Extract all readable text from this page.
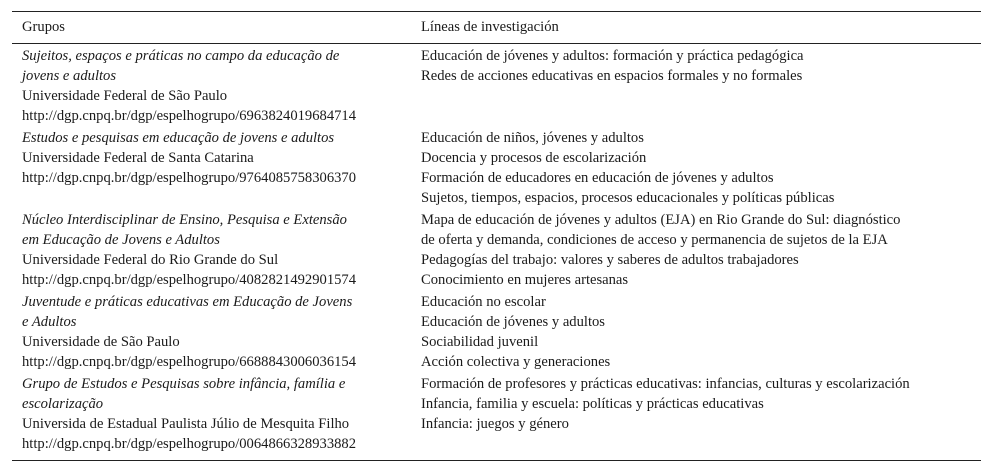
Grupos	Líneas de investigación
Sujeitos, espaços e práticas no campo da educação de
jovens e adultos
Universidade Federal de São Paulo
http://dgp.cnpq.br/dgp/espelhogrupo/6963824019684714
Educación de jóvenes y adultos: formación y práctica pedagógica
Redes de acciones educativas en espacios formales y no formales
Estudos e pesquisas em educação de jovens e adultos
Universidade Federal de Santa Catarina
http://dgp.cnpq.br/dgp/espelhogrupo/9764085758306370
Educación de niños, jóvenes y adultos
Docencia y procesos de escolarización
Formación de educadores en educación de jóvenes y adultos
Sujetos, tiempos, espacios, procesos educacionales y políticas públicas
Núcleo Interdisciplinar de Ensino, Pesquisa e Extensão
em Educação de Jovens e Adultos
Universidade Federal do Rio Grande do Sul
http://dgp.cnpq.br/dgp/espelhogrupo/4082821492901574
Mapa de educación de jóvenes y adultos (EJA) en Rio Grande do Sul: diagnóstico
de oferta y demanda, condiciones de acceso y permanencia de sujetos de la EJA
Pedagogías del trabajo: valores y saberes de adultos trabajadores
Conocimiento en mujeres artesanas
Juventude e práticas educativas em Educação de Jovens
e Adultos
Universidade de São Paulo
http://dgp.cnpq.br/dgp/espelhogrupo/6688843006036154
Educación no escolar
Educación de jóvenes y adultos
Sociabilidad juvenil
Acción colectiva y generaciones
Grupo de Estudos e Pesquisas sobre infância, família e
escolarização
Universida de Estadual Paulista Júlio de Mesquita Filho
http://dgp.cnpq.br/dgp/espelhogrupo/0064866328933882
Formación de profesores y prácticas educativas: infancias, culturas y escolarización
Infancia, familia y escuela: políticas y prácticas educativas
Infancia: juegos y género
